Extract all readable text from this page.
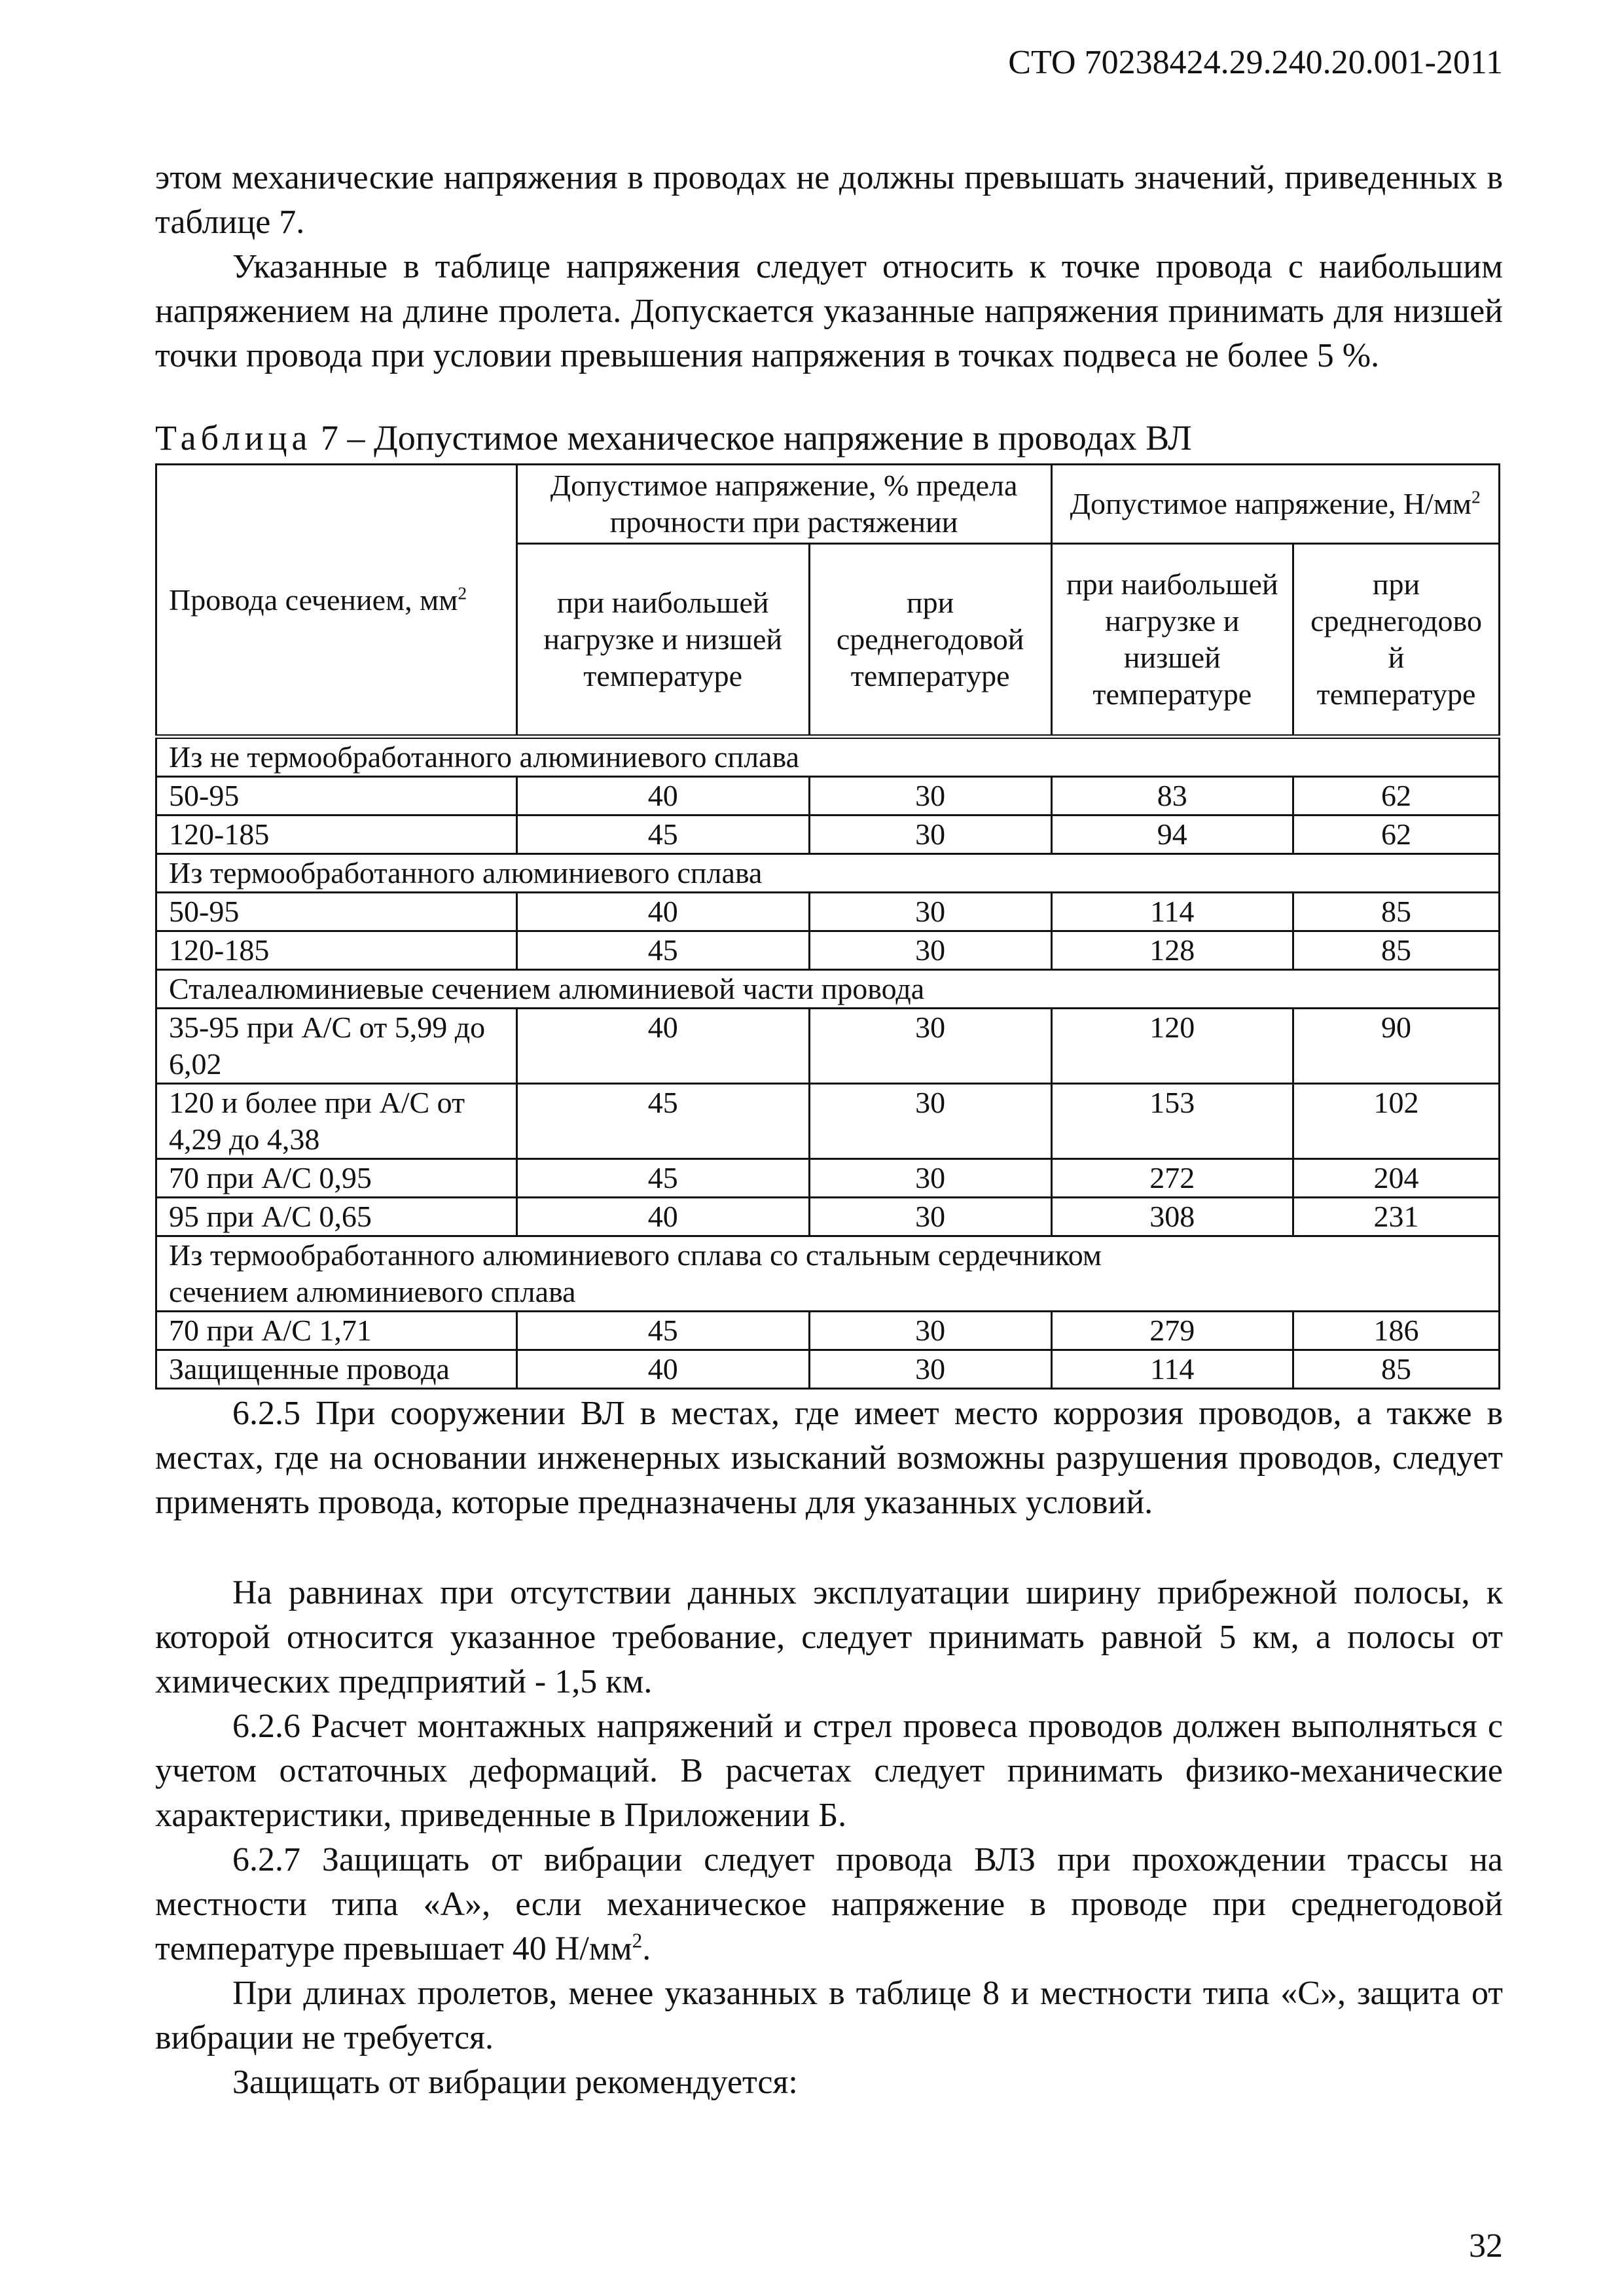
СТО 70238424.29.240.20.001-2011

этом механические напряжения в проводах не должны превышать значений, приведенных в таблице 7.

Указанные в таблице напряжения следует относить к точке провода с наибольшим напряжением на длине пролета. Допускается указанные напряжения принимать для низшей точки провода при условии превышения напряжения в точках подвеса не более 5 %.

Таблица 7 – Допустимое механическое напряжение в проводах ВЛ
Провода сечением, $мм^2$	Допустимое напряжение, % предела прочности при растяжении		Допустимое напряжение, $Н/мм^2$
	при наибольшей нагрузке и низшей температуре	при среднегодовой температуре	при наибольшей нагрузке и низшей температуре	при среднегодово й температуре
Из не термообработанного алюминиевого сплава				
50-95	40	30	83	62
120-185	45	30	94	62
Из термообработанного алюминиевого сплава				
50-95	40	30	114	85
120-185	45	30	128	85
Сталеалюминиевые сечением алюминиевой части провода				
35-95 при А/С от 5,99 до 6,02	40	30	120	90
120 и более при А/С от 4,29 до 4,38	45	30	153	102
70 при А/С 0,95	45	30	272	204
95 при А/С 0,65	40	30	308	231
Из термообработанного алюминиевого сплава со стальным сердечником сечением алюминиевого сплава				
70 при А/С 1,71	45	30	279	186
Защищенные провода	40	30	114	85

6.2.5 При сооружении ВЛ в местах, где имеет место коррозия проводов, а также в местах, где на основании инженерных изысканий возможны разрушения проводов, следует применять провода, которые предназначены для указанных условий.

На равнинах при отсутствии данных эксплуатации ширину прибрежной полосы, к которой относится указанное требование, следует принимать равной 5 км, а полосы от химических предприятий - 1,5 км.

6.2.6 Расчет монтажных напряжений и стрел провеса проводов должен выполняться с учетом остаточных деформаций. В расчетах следует принимать физико-механические характеристики, приведенные в Приложении Б.

6.2.7 Защищать от вибрации следует провода ВЛЗ при прохождении трассы на местности типа «А», если механическое напряжение в проводе при среднегодовой температуре превышает 40 $Н/мм^2$.

При длинах пролетов, менее указанных в таблице 8 и местности типа «С», защита от вибрации не требуется.

Защищать от вибрации рекомендуется:

32
